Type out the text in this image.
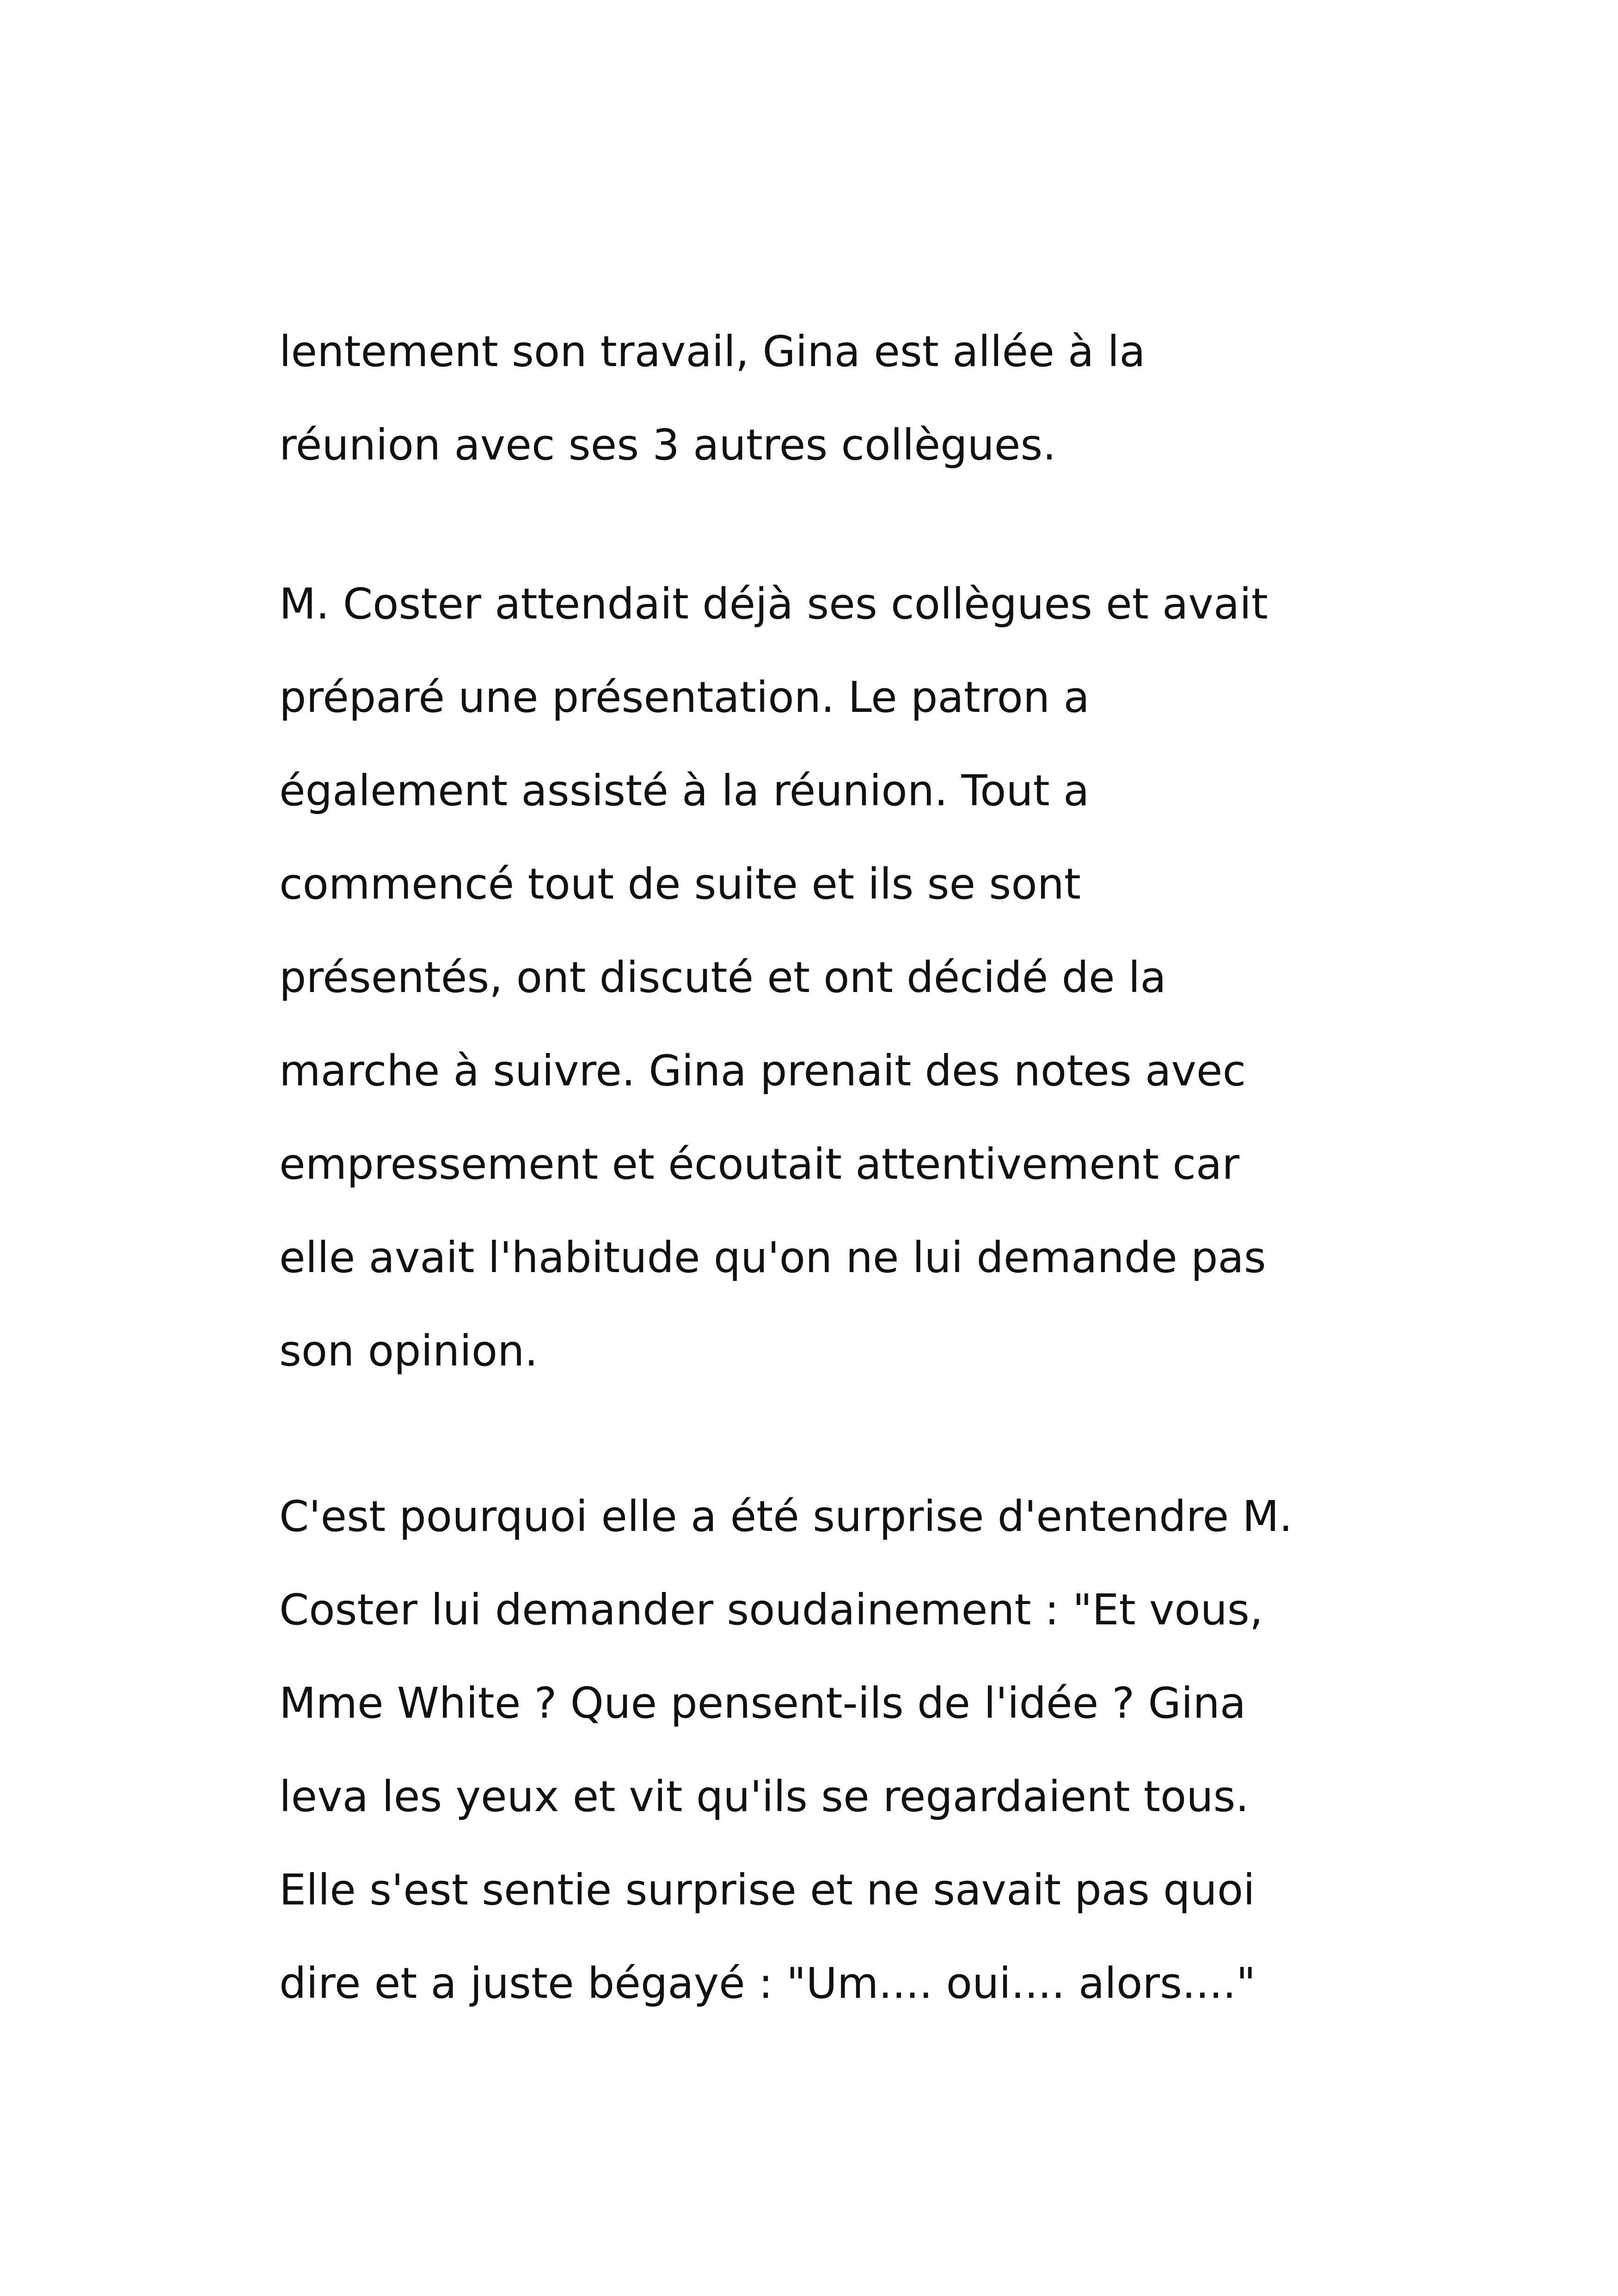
lentement son travail, Gina est allée à la
réunion avec ses 3 autres collègues.

M. Coster attendait déjà ses collègues et avait
préparé une présentation. Le patron a
également assisté à la réunion. Tout a
commencé tout de suite et ils se sont
présentés, ont discuté et ont décidé de la
marche à suivre. Gina prenait des notes avec
empressement et écoutait attentivement car
elle avait l'habitude qu'on ne lui demande pas
son opinion.

C'est pourquoi elle a été surprise d'entendre M.
Coster lui demander soudainement : "Et vous,
Mme White ? Que pensent-ils de l'idée ? Gina
leva les yeux et vit qu'ils se regardaient tous.
Elle s'est sentie surprise et ne savait pas quoi
dire et a juste bégayé : "Um.... oui.... alors...."
